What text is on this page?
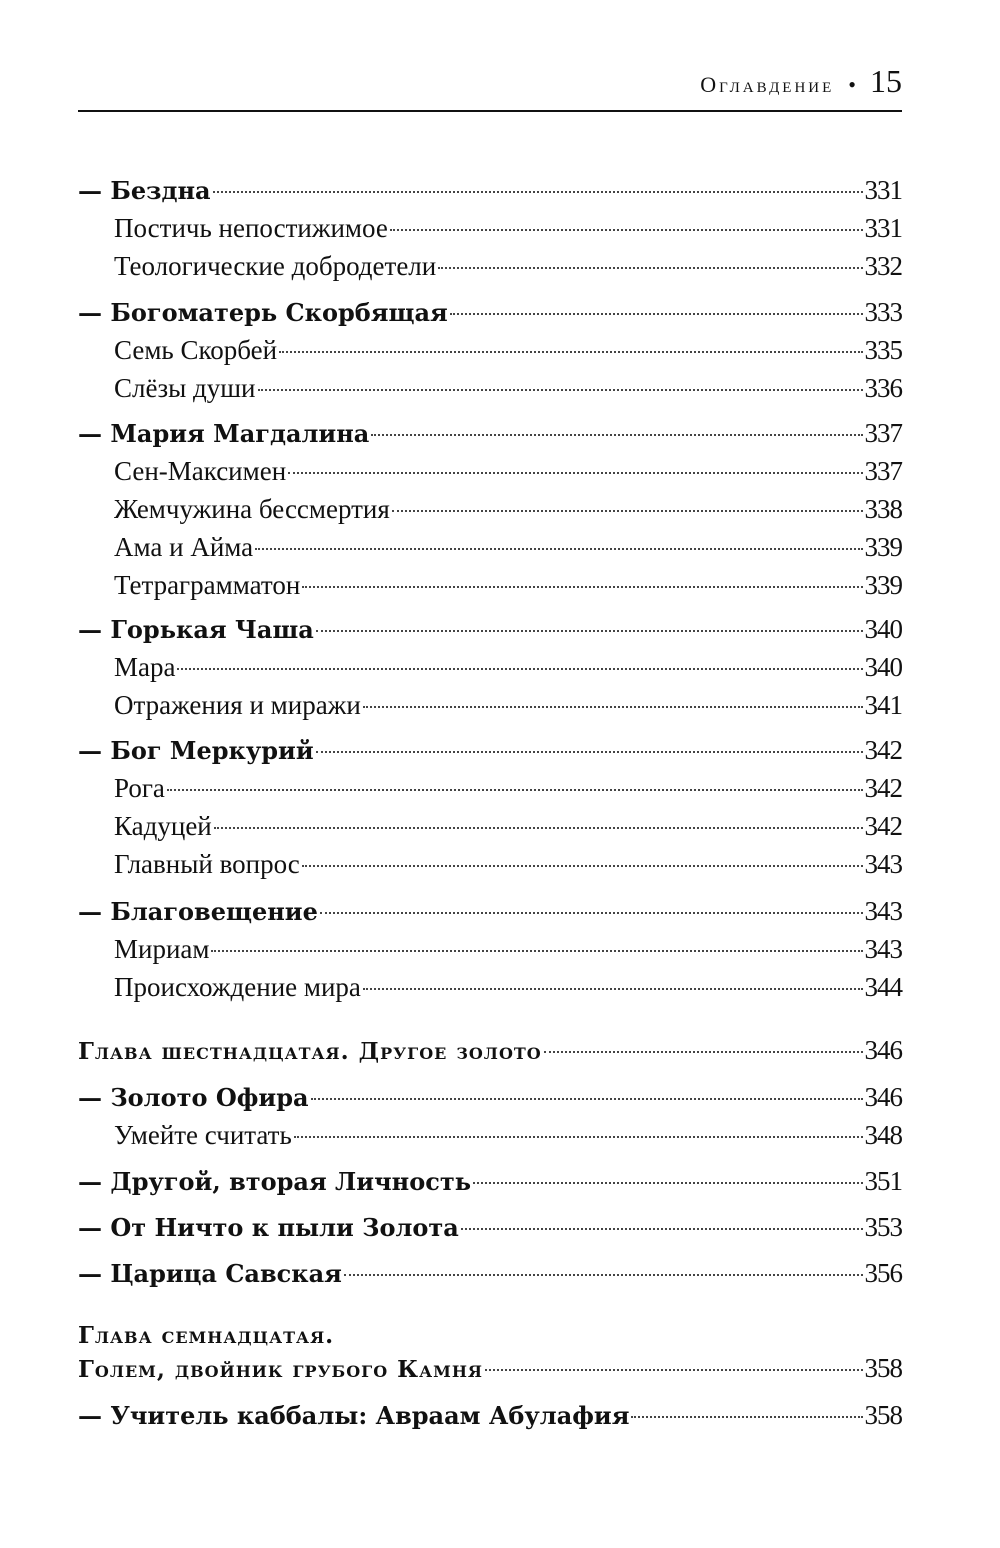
Оглавдение • 15
— Бездна	331
Постичь непостижимое	331
Теологические добродетели	332
— Богоматерь Скорбящая	333
Семь Скорбей	335
Слёзы души	336
— Мария Магдалина	337
Сен-Максимен	337
Жемчужина бессмертия	338
Ама и Айма	339
Тетраграмматон	339
— Горькая Чаша	340
Мара	340
Отражения и миражи	341
— Бог Меркурий	342
Рога	342
Кадуцей	342
Главный вопрос	343
— Благовещение	343
Мириам	343
Происхождение мира	344
Глава шестнадцатая. Другое золото	346
— Золото Офира	346
Умейте считать	348
— Другой, вторая Личность	351
— От Ничто к пыли Золота	353
— Царица Савская	356
Глава семнадцатая.
Голем, двойник грубого Камня	358
— Учитель каббалы: Авраам Абулафия	358
